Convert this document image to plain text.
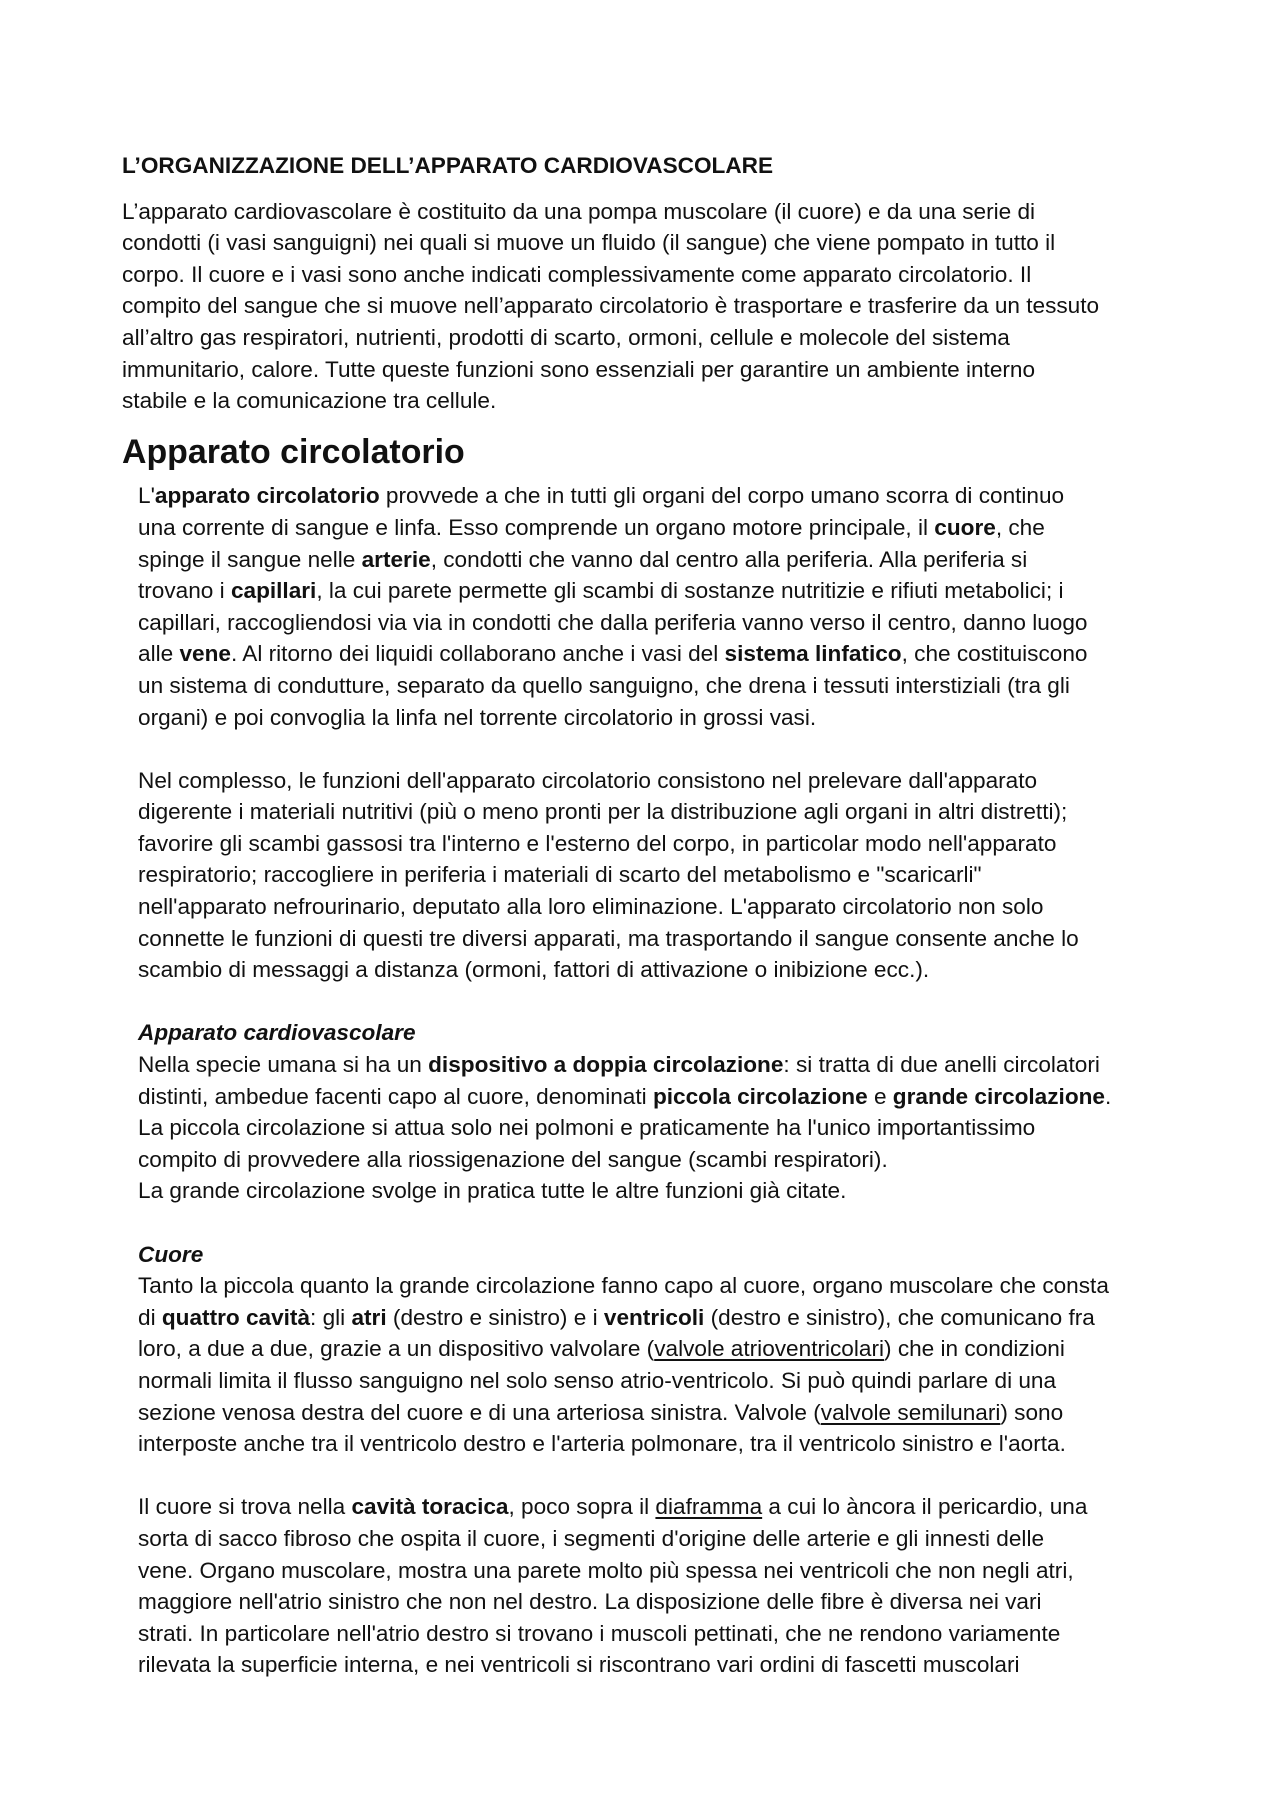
L’ORGANIZZAZIONE DELL’APPARATO CARDIOVASCOLARE

L’apparato cardiovascolare è costituito da una pompa muscolare (il cuore) e da una serie di
condotti (i vasi sanguigni) nei quali si muove un fluido (il sangue) che viene pompato in tutto il
corpo. Il cuore e i vasi sono anche indicati complessivamente come apparato circolatorio. Il
compito del sangue che si muove nell’apparato circolatorio è trasportare e trasferire da un tessuto
all’altro gas respiratori, nutrienti, prodotti di scarto, ormoni, cellule e molecole del sistema
immunitario, calore. Tutte queste funzioni sono essenziali per garantire un ambiente interno
stabile e la comunicazione tra cellule.

Apparato circolatorio
L'apparato circolatorio provvede a che in tutti gli organi del corpo umano scorra di continuo
una corrente di sangue e linfa. Esso comprende un organo motore principale, il cuore, che
spinge il sangue nelle arterie, condotti che vanno dal centro alla periferia. Alla periferia si
trovano i capillari, la cui parete permette gli scambi di sostanze nutritizie e rifiuti metabolici; i
capillari, raccogliendosi via via in condotti che dalla periferia vanno verso il centro, danno luogo
alle vene. Al ritorno dei liquidi collaborano anche i vasi del sistema linfatico, che costituiscono
un sistema di condutture, separato da quello sanguigno, che drena i tessuti interstiziali (tra gli
organi) e poi convoglia la linfa nel torrente circolatorio in grossi vasi.
Nel complesso, le funzioni dell'apparato circolatorio consistono nel prelevare dall'apparato
digerente i materiali nutritivi (più o meno pronti per la distribuzione agli organi in altri distretti);
favorire gli scambi gassosi tra l'interno e l'esterno del corpo, in particolar modo nell'apparato
respiratorio; raccogliere in periferia i materiali di scarto del metabolismo e "scaricarli"
nell'apparato nefrourinario, deputato alla loro eliminazione. L'apparato circolatorio non solo
connette le funzioni di questi tre diversi apparati, ma trasportando il sangue consente anche lo
scambio di messaggi a distanza (ormoni, fattori di attivazione o inibizione ecc.).
Apparato cardiovascolare
Nella specie umana si ha un dispositivo a doppia circolazione: si tratta di due anelli circolatori
distinti, ambedue facenti capo al cuore, denominati piccola circolazione e grande circolazione.
La piccola circolazione si attua solo nei polmoni e praticamente ha l'unico importantissimo
compito di provvedere alla riossigenazione del sangue (scambi respiratori).
La grande circolazione svolge in pratica tutte le altre funzioni già citate.
Cuore
Tanto la piccola quanto la grande circolazione fanno capo al cuore, organo muscolare che consta
di quattro cavità: gli atri (destro e sinistro) e i ventricoli (destro e sinistro), che comunicano fra
loro, a due a due, grazie a un dispositivo valvolare (valvole atrioventricolari) che in condizioni
normali limita il flusso sanguigno nel solo senso atrio-ventricolo. Si può quindi parlare di una
sezione venosa destra del cuore e di una arteriosa sinistra. Valvole (valvole semilunari) sono
interposte anche tra il ventricolo destro e l'arteria polmonare, tra il ventricolo sinistro e l'aorta.
Il cuore si trova nella cavità toracica, poco sopra il diaframma a cui lo àncora il pericardio, una
sorta di sacco fibroso che ospita il cuore, i segmenti d'origine delle arterie e gli innesti delle
vene. Organo muscolare, mostra una parete molto più spessa nei ventricoli che non negli atri,
maggiore nell'atrio sinistro che non nel destro. La disposizione delle fibre è diversa nei vari
strati. In particolare nell'atrio destro si trovano i muscoli pettinati, che ne rendono variamente
rilevata la superficie interna, e nei ventricoli si riscontrano vari ordini di fascetti muscolari
